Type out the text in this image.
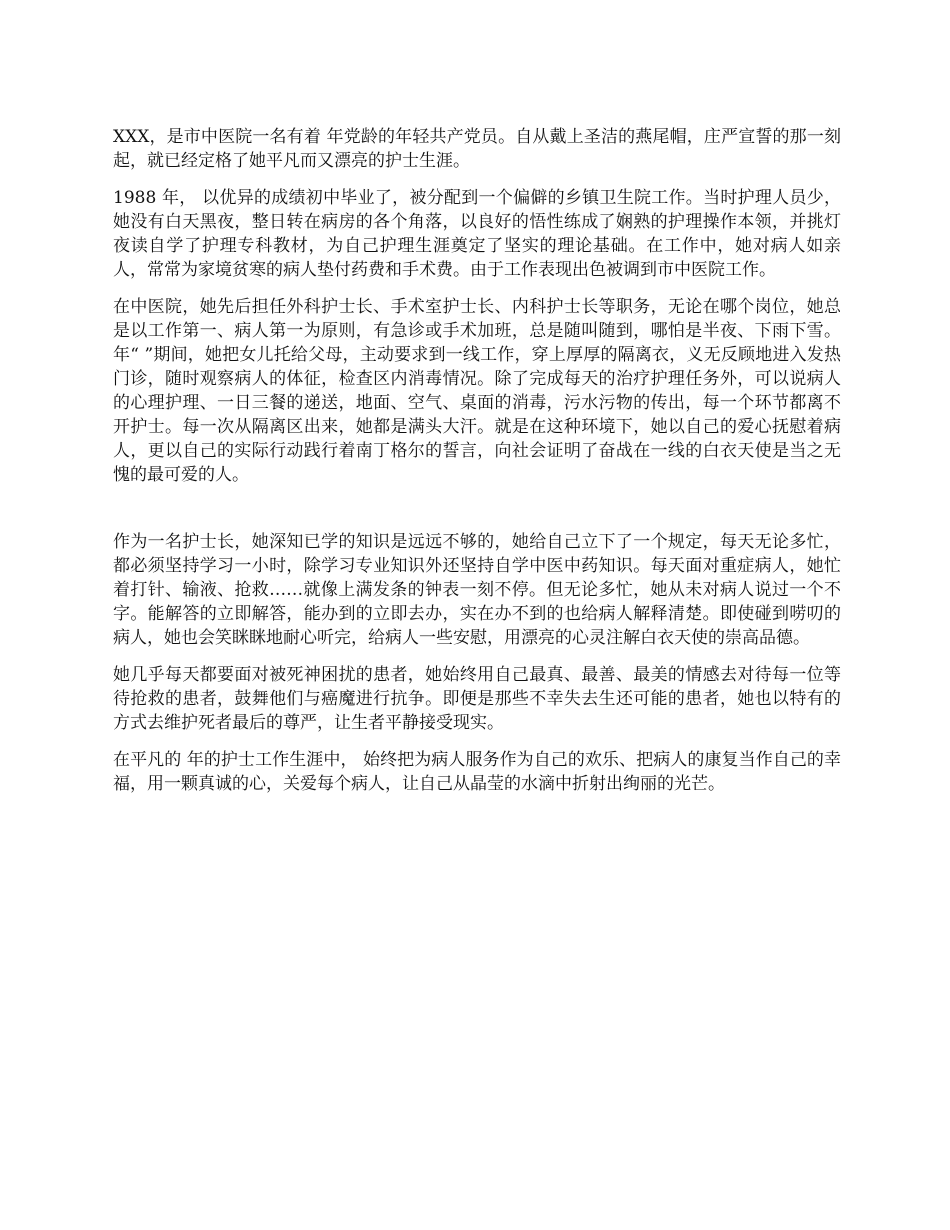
XXX，是市中医院一名有着 年党龄的年轻共产党员。自从戴上圣洁的燕尾帽，庄严宣誓的那一刻起，就已经定格了她平凡而又漂亮的护士生涯。

1988 年， 以优异的成绩初中毕业了，被分配到一个偏僻的乡镇卫生院工作。当时护理人员少，她没有白天黑夜，整日转在病房的各个角落，以良好的悟性练成了娴熟的护理操作本领，并挑灯夜读自学了护理专科教材，为自己护理生涯奠定了坚实的理论基础。在工作中，她对病人如亲人，常常为家境贫寒的病人垫付药费和手术费。由于工作表现出色被调到市中医院工作。

在中医院，她先后担任外科护士长、手术室护士长、内科护士长等职务，无论在哪个岗位，她总是以工作第一、病人第一为原则，有急诊或手术加班，总是随叫随到，哪怕是半夜、下雨下雪。 年“ ”期间，她把女儿托给父母，主动要求到一线工作，穿上厚厚的隔离衣，义无反顾地进入发热门诊，随时观察病人的体征，检查区内消毒情况。除了完成每天的治疗护理任务外，可以说病人的心理护理、一日三餐的递送，地面、空气、桌面的消毒，污水污物的传出，每一个环节都离不开护士。每一次从隔离区出来，她都是满头大汗。就是在这种环境下，她以自己的爱心抚慰着病人，更以自己的实际行动践行着南丁格尔的誓言，向社会证明了奋战在一线的白衣天使是当之无愧的最可爱的人。

作为一名护士长，她深知已学的知识是远远不够的，她给自己立下了一个规定，每天无论多忙，都必须坚持学习一小时，除学习专业知识外还坚持自学中医中药知识。每天面对重症病人，她忙着打针、输液、抢救……就像上满发条的钟表一刻不停。但无论多忙，她从未对病人说过一个不字。能解答的立即解答，能办到的立即去办，实在办不到的也给病人解释清楚。即使碰到唠叨的病人，她也会笑眯眯地耐心听完，给病人一些安慰，用漂亮的心灵注解白衣天使的崇高品德。

她几乎每天都要面对被死神困扰的患者，她始终用自己最真、最善、最美的情感去对待每一位等待抢救的患者，鼓舞他们与癌魔进行抗争。即便是那些不幸失去生还可能的患者，她也以特有的方式去维护死者最后的尊严，让生者平静接受现实。

在平凡的 年的护士工作生涯中， 始终把为病人服务作为自己的欢乐、把病人的康复当作自己的幸福，用一颗真诚的心，关爱每个病人，让自己从晶莹的水滴中折射出绚丽的光芒。
